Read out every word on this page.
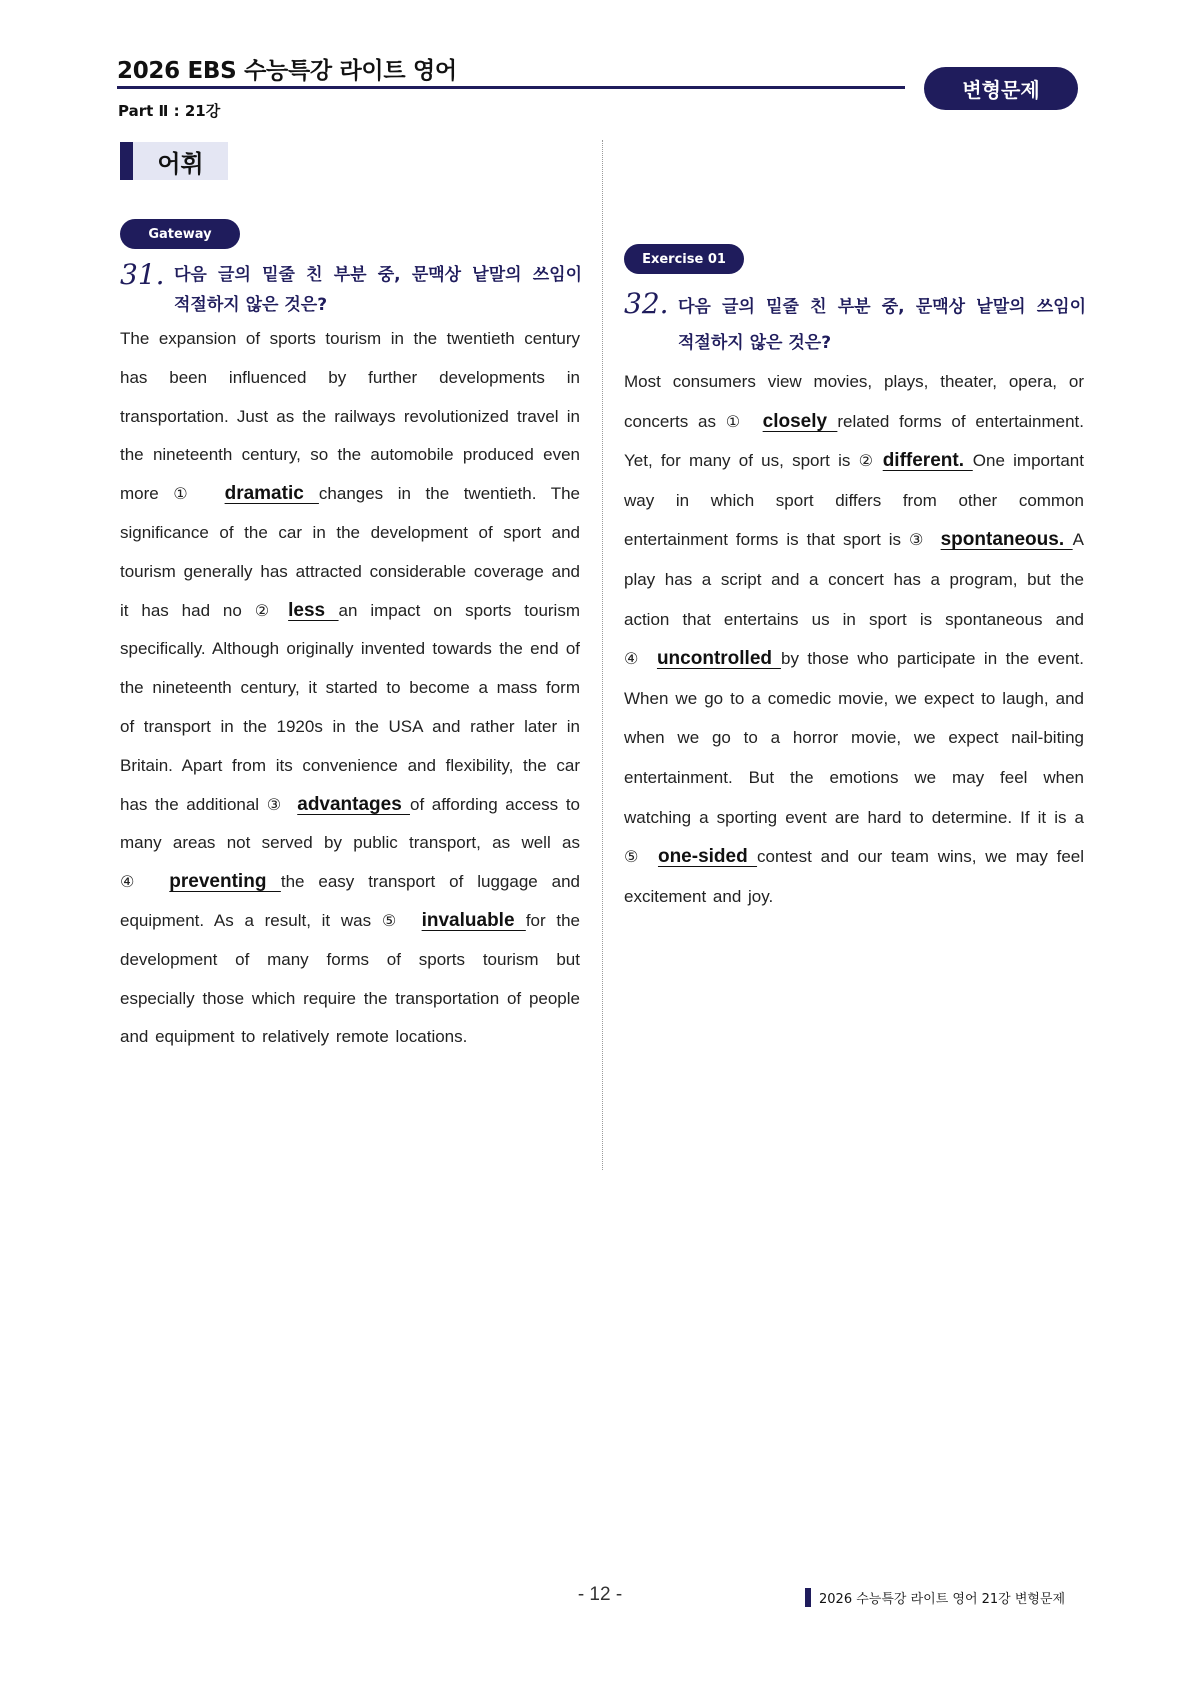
2026 EBS 수능특강 라이트 영어
변형문제
Part Ⅱ : 21강
어휘
Gateway
31. 다음 글의 밑줄 친 부분 중, 문맥상 낱말의 쓰임이
적절하지 않은 것은?
The expansion of sports tourism in the twentieth century has been influenced by further developments in transportation. Just as the railways revolutionized travel in the nineteenth century, so the automobile produced even more ① dramatic changes in the twentieth. The significance of the car in the development of sport and tourism generally has attracted considerable coverage and it has had no ② less an impact on sports tourism specifically. Although originally invented towards the end of the nineteenth century, it started to become a mass form of transport in the 1920s in the USA and rather later in Britain. Apart from its convenience and flexibility, the car has the additional ③ advantages of affording access to many areas not served by public transport, as well as ④ preventing the easy transport of luggage and equipment. As a result, it was ⑤ invaluable for the development of many forms of sports tourism but especially those which require the transportation of people and equipment to relatively remote locations.
Exercise 01
32. 다음 글의 밑줄 친 부분 중, 문맥상 낱말의 쓰임이
적절하지 않은 것은?
Most consumers view movies, plays, theater, opera, or concerts as ① closely related forms of entertainment. Yet, for many of us, sport is ② different. One important way in which sport differs from other common entertainment forms is that sport is ③ spontaneous. A play has a script and a concert has a program, but the action that entertains us in sport is spontaneous and ④ uncontrolled by those who participate in the event. When we go to a comedic movie, we expect to laugh, and when we go to a horror movie, we expect nail-biting entertainment. But the emotions we may feel when watching a sporting event are hard to determine. If it is a ⑤ one-sided contest and our team wins, we may feel excitement and joy.
- 12 -	2026 수능특강 라이트 영어 21강 변형문제
